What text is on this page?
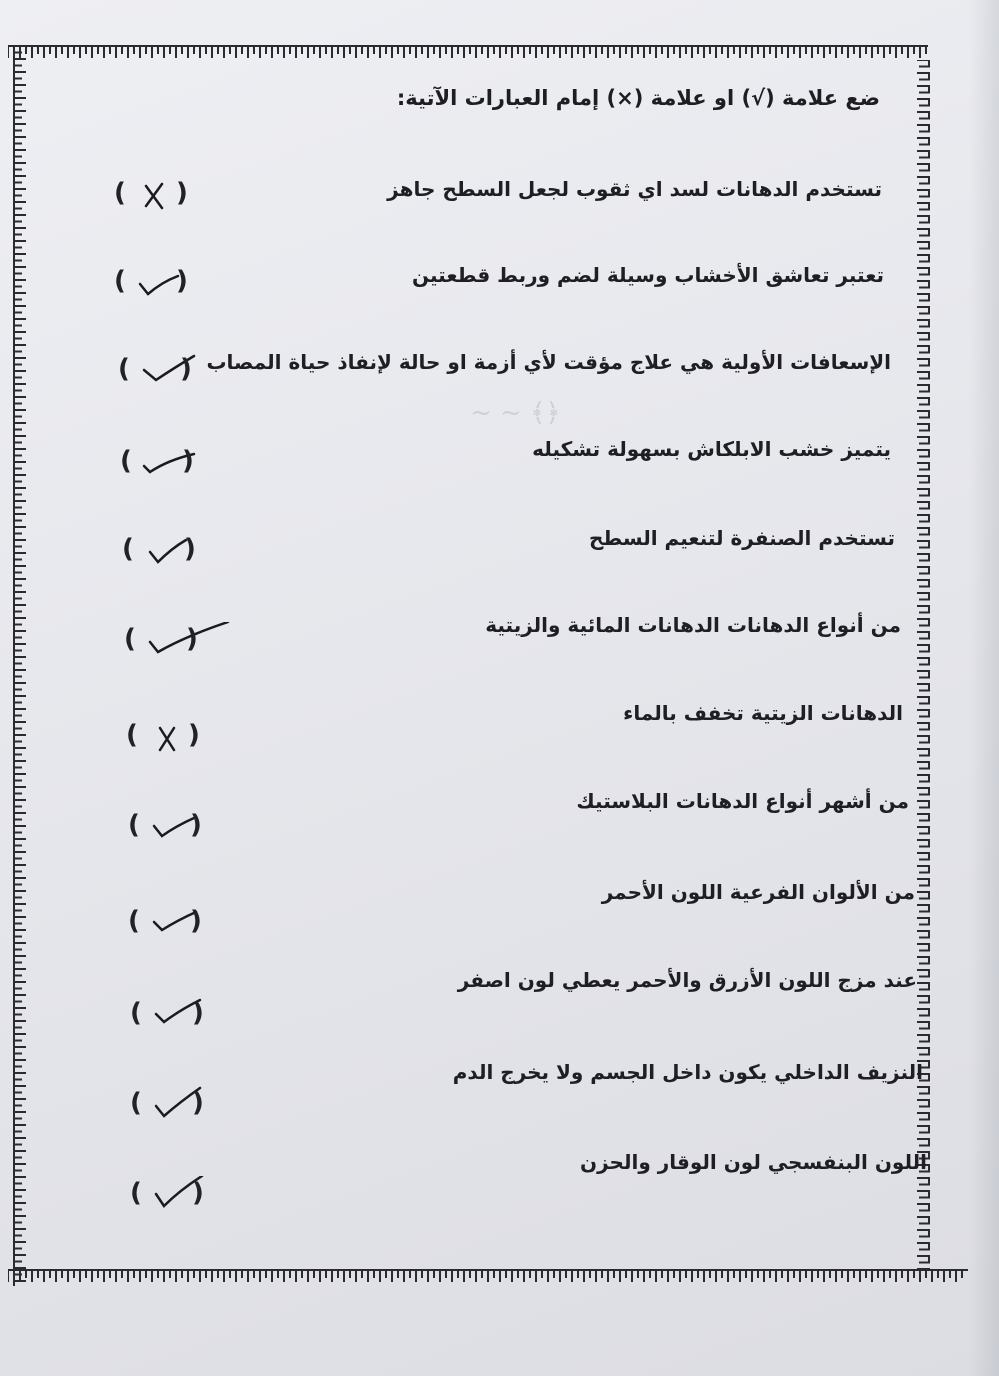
﴿﴾ ~ ~
ضع علامة (√) او علامة (×) إمام العبارات الآتية:
تستخدم الدهانات لسد اي ثقوب لجعل السطح جاهز
( )
تعتبر تعاشق الأخشاب وسيلة لضم وربط قطعتين
( )
الإسعافات الأولية هي علاج مؤقت لأي أزمة او حالة لإنفاذ حياة المصاب
( )
يتميز خشب الابلكاش بسهولة تشكيله
( )
تستخدم الصنفرة لتنعيم السطح
( )
من أنواع الدهانات الدهانات المائية والزيتية
( )
الدهانات الزيتية تخفف بالماء
( )
من أشهر أنواع الدهانات البلاستيك
( )
من الألوان الفرعية اللون الأحمر
( )
عند مزج اللون الأزرق والأحمر يعطي لون اصفر
( )
النزيف الداخلي يكون داخل الجسم ولا يخرج الدم
( )
اللون البنفسجي لون الوقار والحزن
( )
